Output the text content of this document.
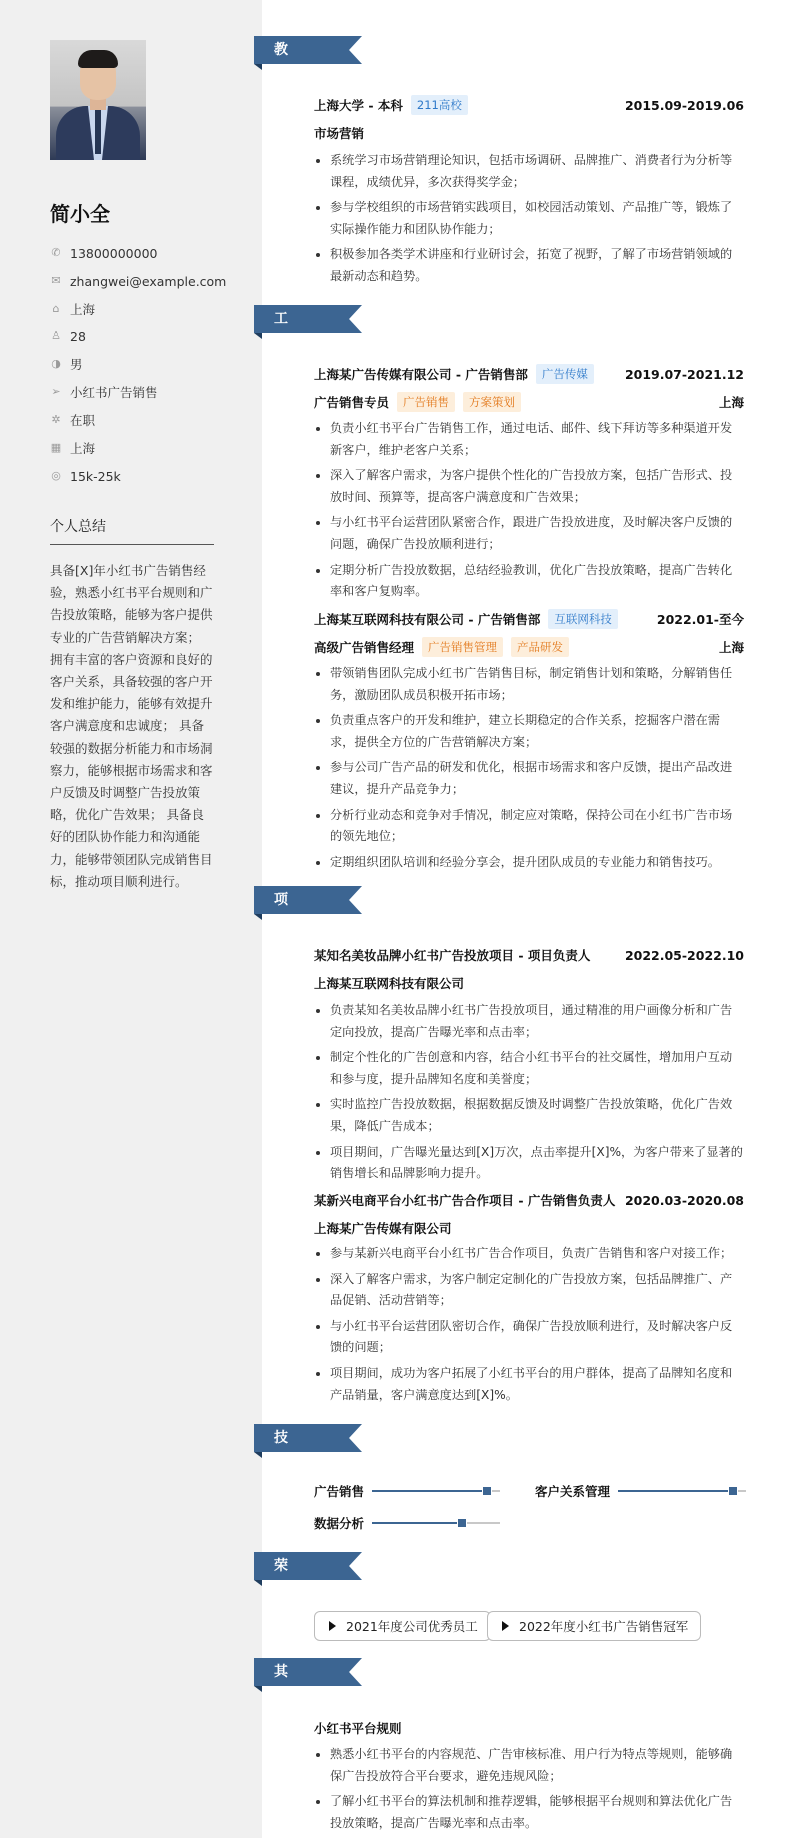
简小全
✆ 13800000000
✉ zhangwei@example.com
⌂ 上海
♙ 28
◑ 男
➢ 小红书广告销售
✲ 在职
▦ 上海
◎ 15k-25k
个人总结
具备[X]年小红书广告销售经验，熟悉小红书平台规则和广告投放策略，能够为客户提供专业的广告营销解决方案； 拥有丰富的客户资源和良好的客户关系，具备较强的客户开发和维护能力，能够有效提升客户满意度和忠诚度； 具备较强的数据分析能力和市场洞察力，能够根据市场需求和客户反馈及时调整广告投放策略，优化广告效果； 具备良好的团队协作能力和沟通能力，能够带领团队完成销售目标，推动项目顺利进行。
教育经历
上海大学 - 本科	211高校	2015.09-2019.06
市场营销
系统学习市场营销理论知识，包括市场调研、品牌推广、消费者行为分析等课程，成绩优异，多次获得奖学金；
参与学校组织的市场营销实践项目，如校园活动策划、产品推广等，锻炼了实际操作能力和团队协作能力；
积极参加各类学术讲座和行业研讨会，拓宽了视野，了解了市场营销领域的最新动态和趋势。
工作经历
上海某广告传媒有限公司 - 广告销售部	广告传媒	2019.07-2021.12
广告销售专员	广告销售	方案策划	上海
负责小红书平台广告销售工作，通过电话、邮件、线下拜访等多种渠道开发新客户，维护老客户关系；
深入了解客户需求，为客户提供个性化的广告投放方案，包括广告形式、投放时间、预算等，提高客户满意度和广告效果；
与小红书平台运营团队紧密合作，跟进广告投放进度，及时解决客户反馈的问题，确保广告投放顺利进行；
定期分析广告投放数据，总结经验教训，优化广告投放策略，提高广告转化率和客户复购率。
上海某互联网科技有限公司 - 广告销售部	互联网科技	2022.01-至今
高级广告销售经理	广告销售管理	产品研发	上海
带领销售团队完成小红书广告销售目标，制定销售计划和策略，分解销售任务，激励团队成员积极开拓市场；
负责重点客户的开发和维护，建立长期稳定的合作关系，挖掘客户潜在需求，提供全方位的广告营销解决方案；
参与公司广告产品的研发和优化，根据市场需求和客户反馈，提出产品改进建议，提升产品竞争力；
分析行业动态和竞争对手情况，制定应对策略，保持公司在小红书广告市场的领先地位；
定期组织团队培训和经验分享会，提升团队成员的专业能力和销售技巧。
项目经历
某知名美妆品牌小红书广告投放项目 - 项目负责人	2022.05-2022.10
上海某互联网科技有限公司
负责某知名美妆品牌小红书广告投放项目，通过精准的用户画像分析和广告定向投放，提高广告曝光率和点击率；
制定个性化的广告创意和内容，结合小红书平台的社交属性，增加用户互动和参与度，提升品牌知名度和美誉度；
实时监控广告投放数据，根据数据反馈及时调整广告投放策略，优化广告效果，降低广告成本；
项目期间，广告曝光量达到[X]万次，点击率提升[X]%，为客户带来了显著的销售增长和品牌影响力提升。
某新兴电商平台小红书广告合作项目 - 广告销售负责人 2020.03-2020.08
上海某广告传媒有限公司
参与某新兴电商平台小红书广告合作项目，负责广告销售和客户对接工作；
深入了解客户需求，为客户制定定制化的广告投放方案，包括品牌推广、产品促销、活动营销等；
与小红书平台运营团队密切合作，确保广告投放顺利进行，及时解决客户反馈的问题；
项目期间，成功为客户拓展了小红书平台的用户群体，提高了品牌知名度和产品销量，客户满意度达到[X]%。
技能专长
广告销售	客户关系管理
数据分析
荣誉奖项
2021年度公司优秀员工	2022年度小红书广告销售冠军
其他信息
小红书平台规则
熟悉小红书平台的内容规范、广告审核标准、用户行为特点等规则，能够确保广告投放符合平台要求，避免违规风险；
了解小红书平台的算法机制和推荐逻辑，能够根据平台规则和算法优化广告投放策略，提高广告曝光率和点击率。
